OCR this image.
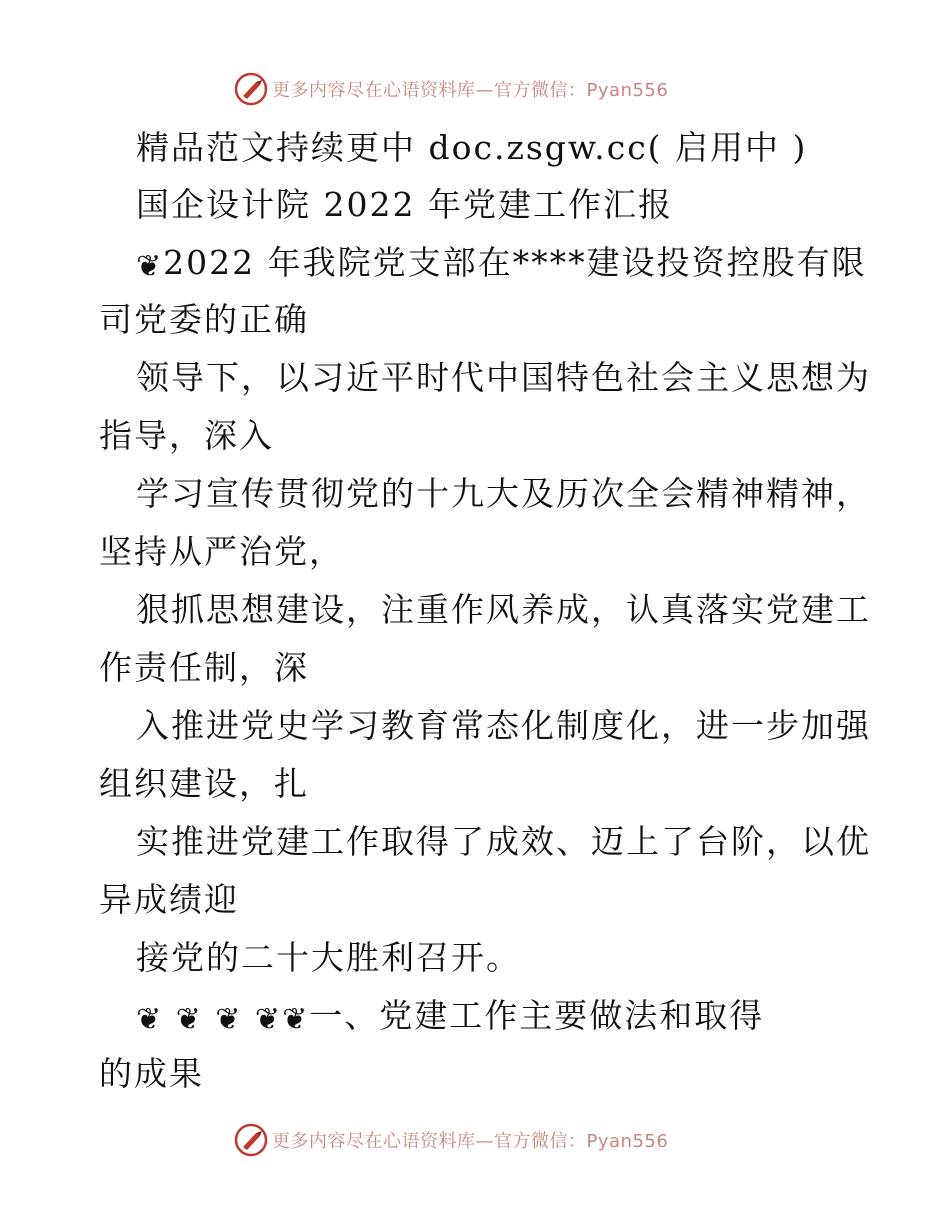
更多内容尽在心语资料库—官方微信：Pyan556
精品范文持续更中 doc.zsgw.cc( 启用中 )
国企设计院 2022 年党建工作汇报
❦2022 年我院党支部在****建设投资控股有限
司党委的正确
领导下，以习近平时代中国特色社会主义思想为
指导，深入
学习宣传贯彻党的十九大及历次全会精神精神，
坚持从严治党，
狠抓思想建设，注重作风养成，认真落实党建工
作责任制，深
入推进党史学习教育常态化制度化，进一步加强
组织建设，扎
实推进党建工作取得了成效、迈上了台阶，以优
异成绩迎
接党的二十大胜利召开。
❦ ❦ ❦ ❦❦一、党建工作主要做法和取得
的成果
更多内容尽在心语资料库—官方微信：Pyan556
